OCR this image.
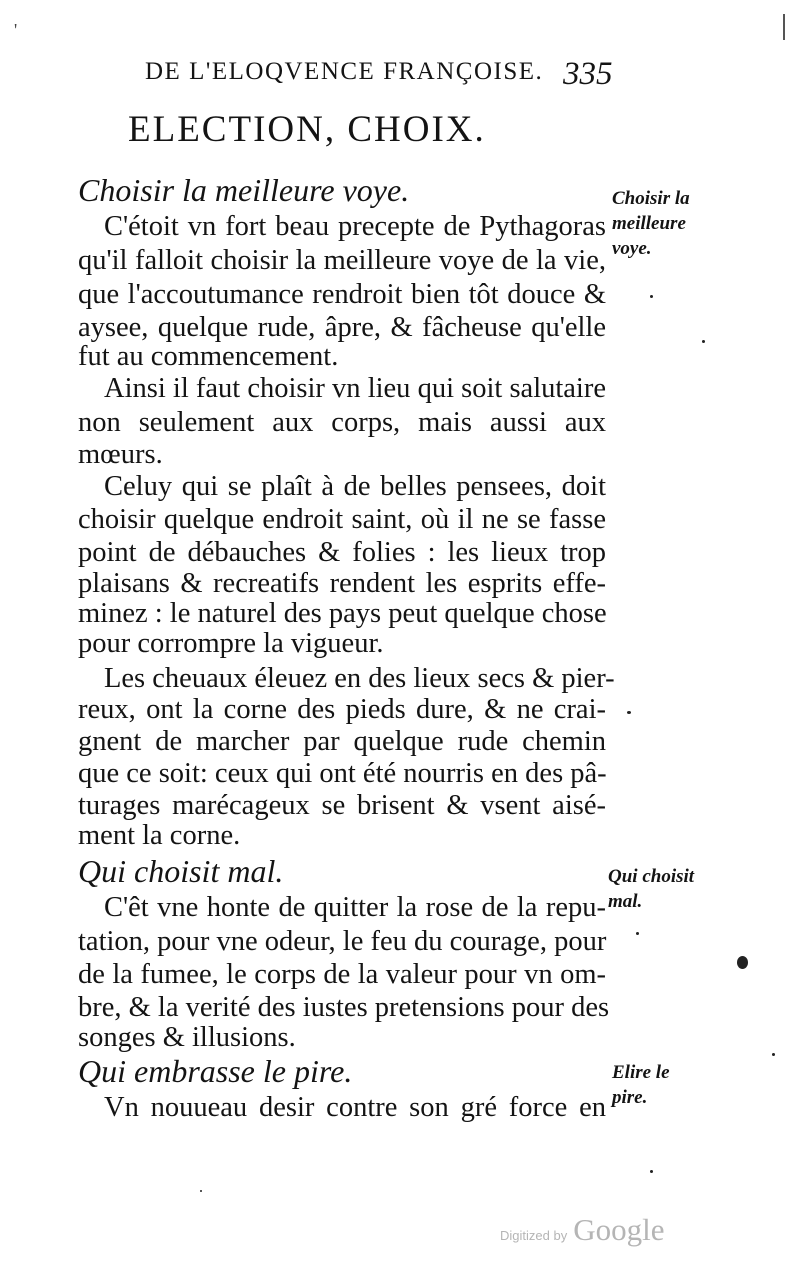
'
DE L'ELOQVENCE FRANÇOISE. 335
ELECTION, CHOIX.
Choisir la meilleure voye.	Choisir la
meilleure
voye.
C'étoit vn fort beau precepte de Pythagoras
qu'il falloit choisir la meilleure voye de la vie,
que l'accoutumance rendroit bien tôt douce &
aysee, quelque rude, âpre, & fâcheuse qu'elle
fut au commencement.
Ainsi il faut choisir vn lieu qui soit salutaire
non seulement aux corps, mais aussi aux
mœurs.
Celuy qui se plaît à de belles pensees, doit
choisir quelque endroit saint, où il ne se fasse
point de débauches & folies : les lieux trop
plaisans & recreatifs rendent les esprits effe-
minez : le naturel des pays peut quelque chose
pour corrompre la vigueur.
Les cheuaux éleuez en des lieux secs & pier-
reux, ont la corne des pieds dure, & ne crai-
gnent de marcher par quelque rude chemin
que ce soit: ceux qui ont été nourris en des pâ-
turages marécageux se brisent & vsent aisé-
ment la corne.
Qui choisit mal.	Qui choisit
mal.
C'êt vne honte de quitter la rose de la repu-
tation, pour vne odeur, le feu du courage, pour
de la fumee, le corps de la valeur pour vn om-
bre, & la verité des iustes pretensions pour des
songes & illusions.
Qui embrasse le pire.	Elire le
pire.
Vn nouueau desir contre son gré force en
Digitized by Google
